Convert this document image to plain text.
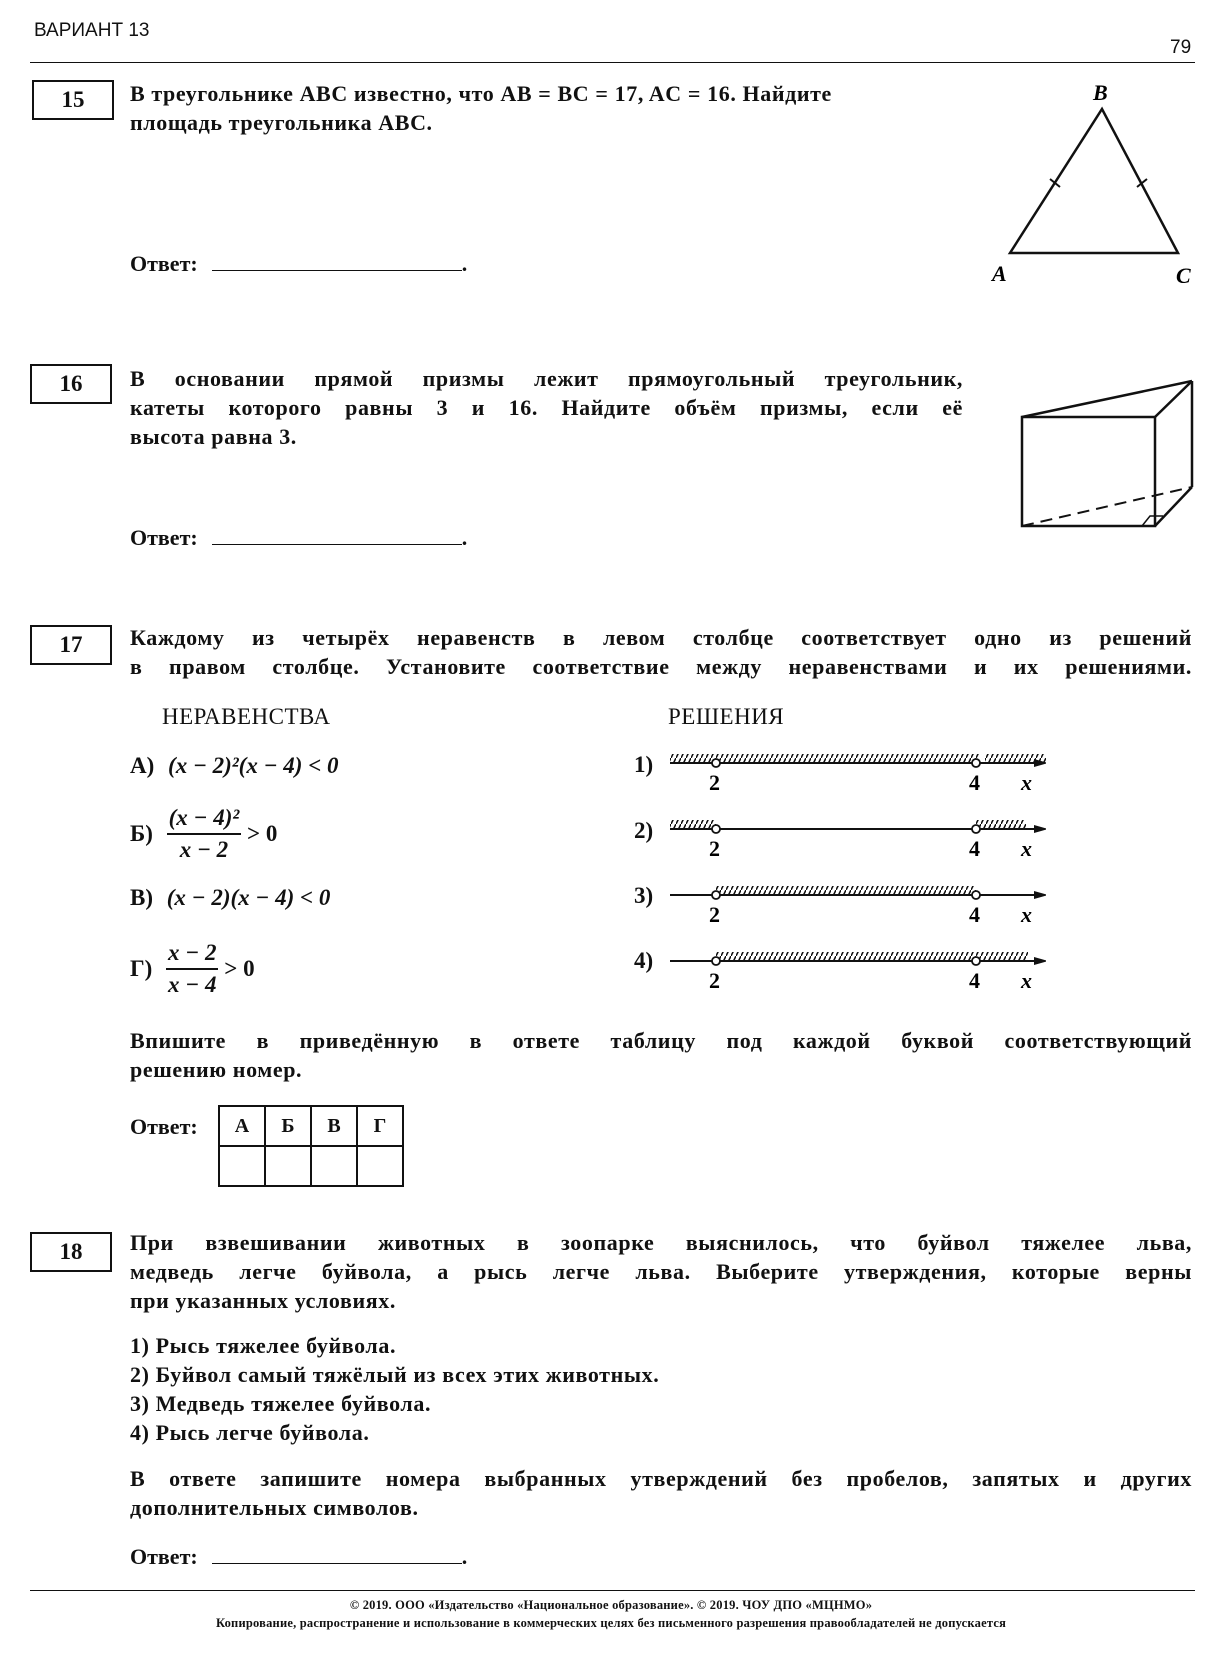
ВАРИАНТ 13
79
15	В треугольнике ABC известно, что AB = BC = 17, AC = 16. Найдите
площадь треугольника ABC.
Ответ:	.
B
A	C
16	В основании прямой призмы лежит прямоугольный треугольник,
катеты которого равны 3 и 16. Найдите объём призмы, если её
высота равна 3.
Ответ:	.
17	Каждому из четырёх неравенств в левом столбце соответствует одно из решений
в правом столбце. Установите соответствие между неравенствами и их решениями.
НЕРАВЕНСТВА	РЕШЕНИЯ
А) (x − 2)²(x − 4) < 0
$Б) \frac{\text{(x − 4)²}}{x - 2} > 0$
В) (x − 2)(x − 4) < 0
$Г) \frac{x - 2}{x - 4} > 0$
1)
2)
3)
4)
2	4 x
2	4 x
2	4 x
2	4 x
Впишите в приведённую в ответе таблицу под каждой буквой соответствующий
решению номер.
Ответ: А	Б	В	Г

18	При взвешивании животных в зоопарке выяснилось, что буйвол тяжелее льва,
медведь легче буйвола, а рысь легче льва. Выберите утверждения, которые верны
при указанных условиях.
1) Рысь тяжелее буйвола.
2) Буйвол самый тяжёлый из всех этих животных.
3) Медведь тяжелее буйвола.
4) Рысь легче буйвола.
В ответе запишите номера выбранных утверждений без пробелов, запятых и других
дополнительных символов.
Ответ:	.
© 2019. ООО «Издательство «Национальное образование». © 2019. ЧОУ ДПО «МЦНМО»
Копирование, распространение и использование в коммерческих целях без письменного разрешения правообладателей не допускается
